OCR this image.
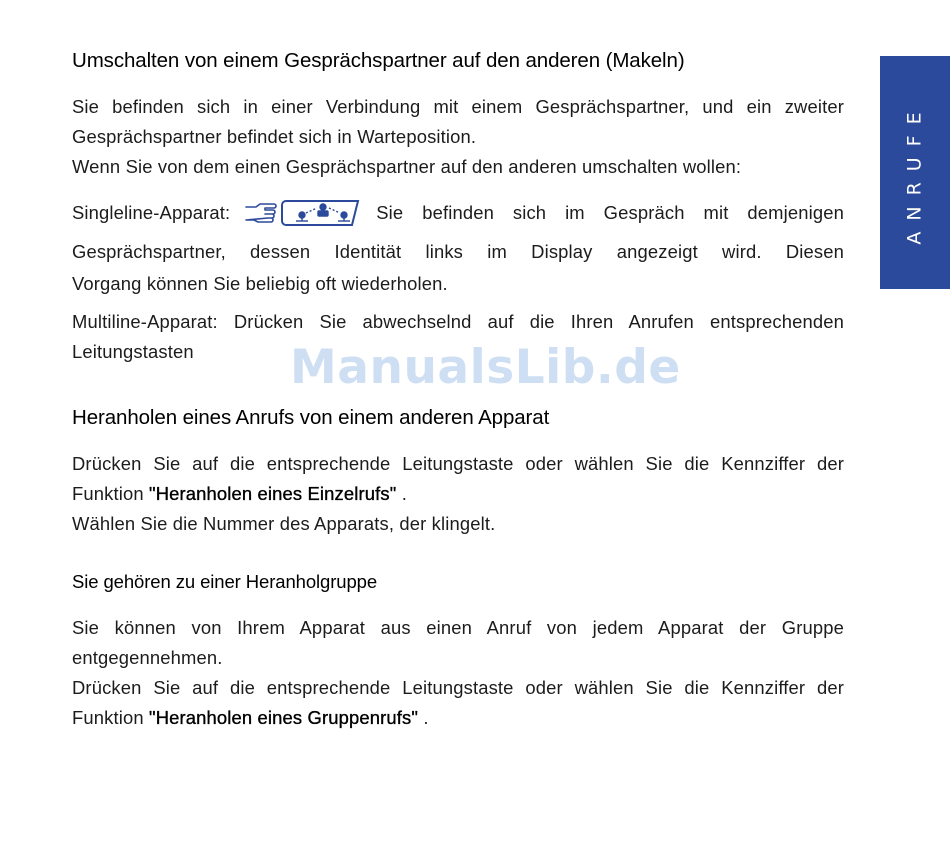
ANRUFE
ManualsLib.de
Umschalten von einem Gesprächspartner auf den anderen (Makeln)

Sie befinden sich in einer Verbindung mit einem Gesprächspartner, und ein zweiter
Gesprächspartner befindet sich in Warteposition.
Wenn Sie von dem einen Gesprächspartner auf den anderen umschalten wollen:

Singleline-Apparat:	Sie befinden sich im Gespräch mit demjenigen
Gesprächspartner, dessen Identität links im Display angezeigt wird. Diesen
Vorgang können Sie beliebig oft wiederholen.

Multiline-Apparat: Drücken Sie abwechselnd auf die Ihren Anrufen entsprechenden
Leitungstasten

Heranholen eines Anrufs von einem anderen Apparat

Drücken Sie auf die entsprechende Leitungstaste oder wählen Sie die Kennziffer der
Funktion "Heranholen eines Einzelrufs" .
Wählen Sie die Nummer des Apparats, der klingelt.

Sie gehören zu einer Heranholgruppe

Sie können von Ihrem Apparat aus einen Anruf von jedem Apparat der Gruppe
entgegennehmen.
Drücken Sie auf die entsprechende Leitungstaste oder wählen Sie die Kennziffer der
Funktion "Heranholen eines Gruppenrufs" .
